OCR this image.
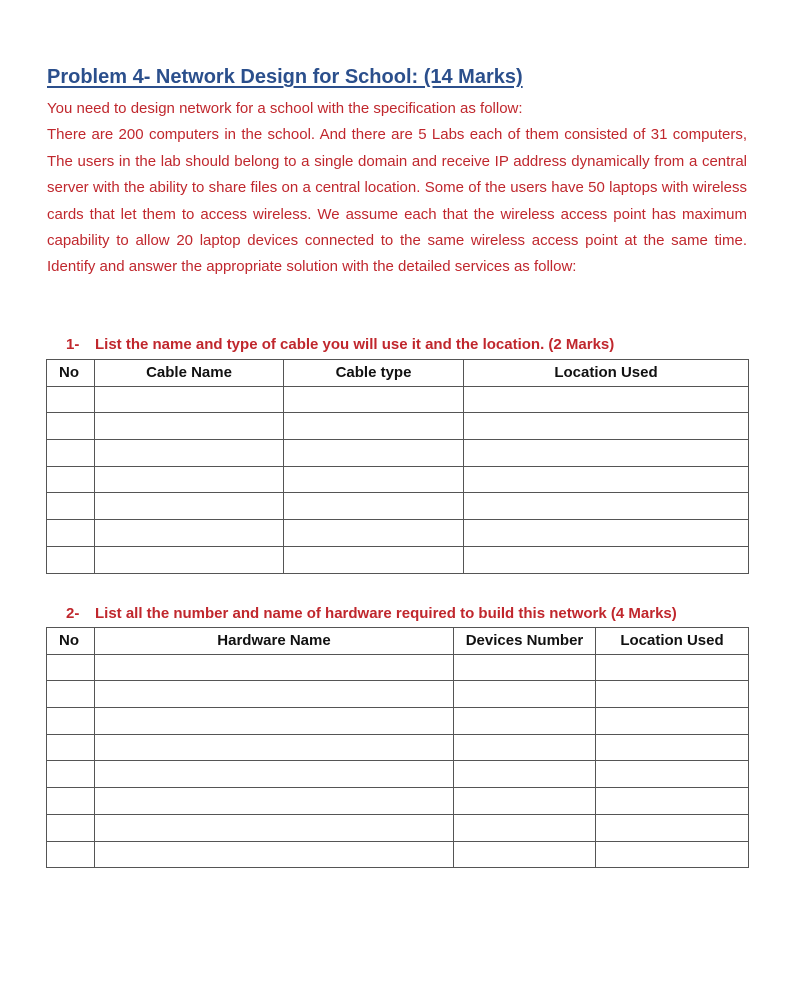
Problem 4- Network Design for School: (14 Marks)

You need to design network for a school with the specification as follow:

There are 200 computers in the school. And there are 5 Labs each of them consisted of 31 computers, The users in the lab should belong to a single domain and receive IP address dynamically from a central server with the ability to share files on a central location. Some of the users have 50 laptops with wireless cards that let them to access wireless. We assume each that the wireless access point has maximum capability to allow 20 laptop devices connected to the same wireless access point at the same time. Identify and answer the appropriate solution with the detailed services as follow:

1- List the name and type of cable you will use it and the location. (2 Marks)
No	Cable Name	Cable type	Location Used

2- List all the number and name of hardware required to build this network (4 Marks)
No	Hardware Name	Devices Number	Location Used
